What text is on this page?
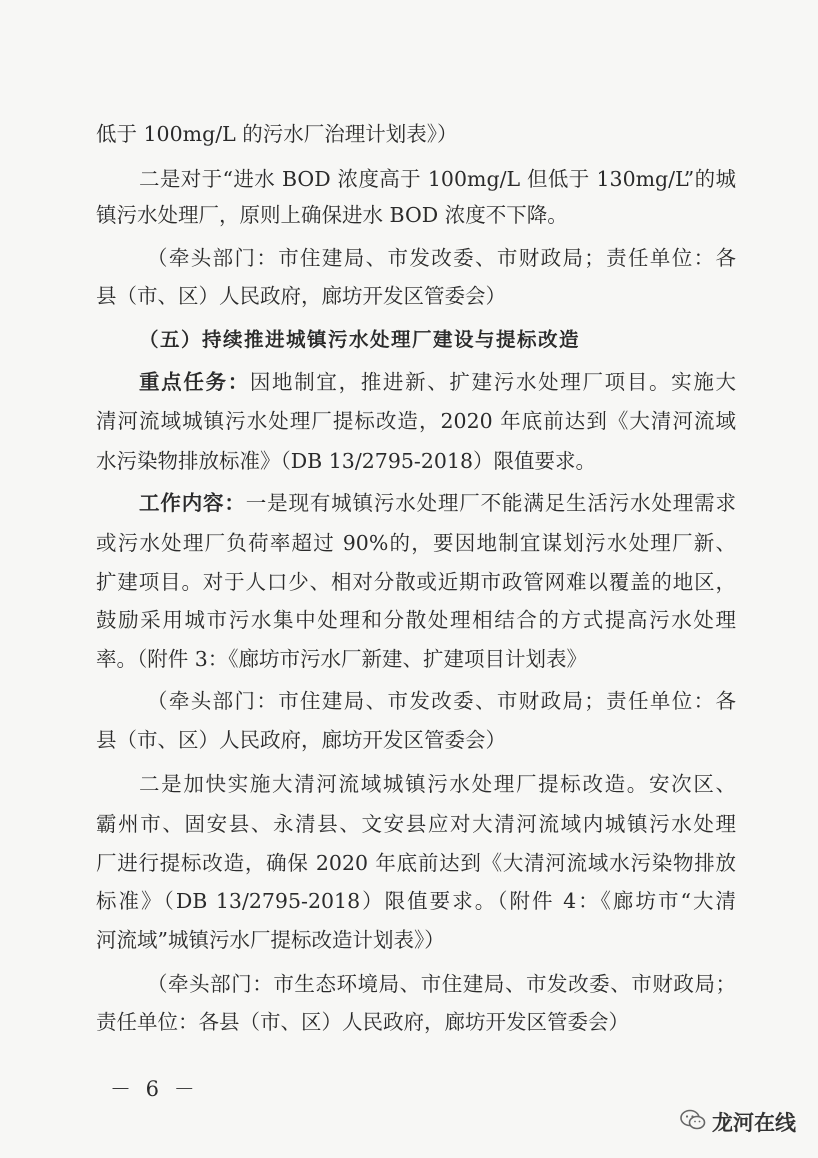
低于 100mg/L 的污水厂治理计划表》）
二是对于“进水 BOD 浓度高于 100mg/L 但低于 130mg/L”的城
镇污水处理厂，原则上确保进水 BOD 浓度不下降。
（牵头部门：市住建局、市发改委、市财政局；责任单位：各
县（市、区）人民政府，廊坊开发区管委会）
（五）持续推进城镇污水处理厂建设与提标改造
重点任务：因地制宜，推进新、扩建污水处理厂项目。实施大
清河流域城镇污水处理厂提标改造，2020 年底前达到《大清河流域
水污染物排放标准》（DB 13/2795-2018）限值要求。
工作内容：一是现有城镇污水处理厂不能满足生活污水处理需求
或污水处理厂负荷率超过 90%的，要因地制宜谋划污水处理厂新、
扩建项目。对于人口少、相对分散或近期市政管网难以覆盖的地区，
鼓励采用城市污水集中处理和分散处理相结合的方式提高污水处理
率。（附件 3：《廊坊市污水厂新建、扩建项目计划表》
（牵头部门：市住建局、市发改委、市财政局；责任单位：各
县（市、区）人民政府，廊坊开发区管委会）
二是加快实施大清河流域城镇污水处理厂提标改造。安次区、
霸州市、固安县、永清县、文安县应对大清河流域内城镇污水处理
厂进行提标改造，确保 2020 年底前达到《大清河流域水污染物排放
标准》（DB 13/2795-2018）限值要求。（附件 4：《廊坊市“大清
河流域”城镇污水厂提标改造计划表》）
（牵头部门：市生态环境局、市住建局、市发改委、市财政局；
责任单位：各县（市、区）人民政府，廊坊开发区管委会）
－ 6 －
龙河在线
